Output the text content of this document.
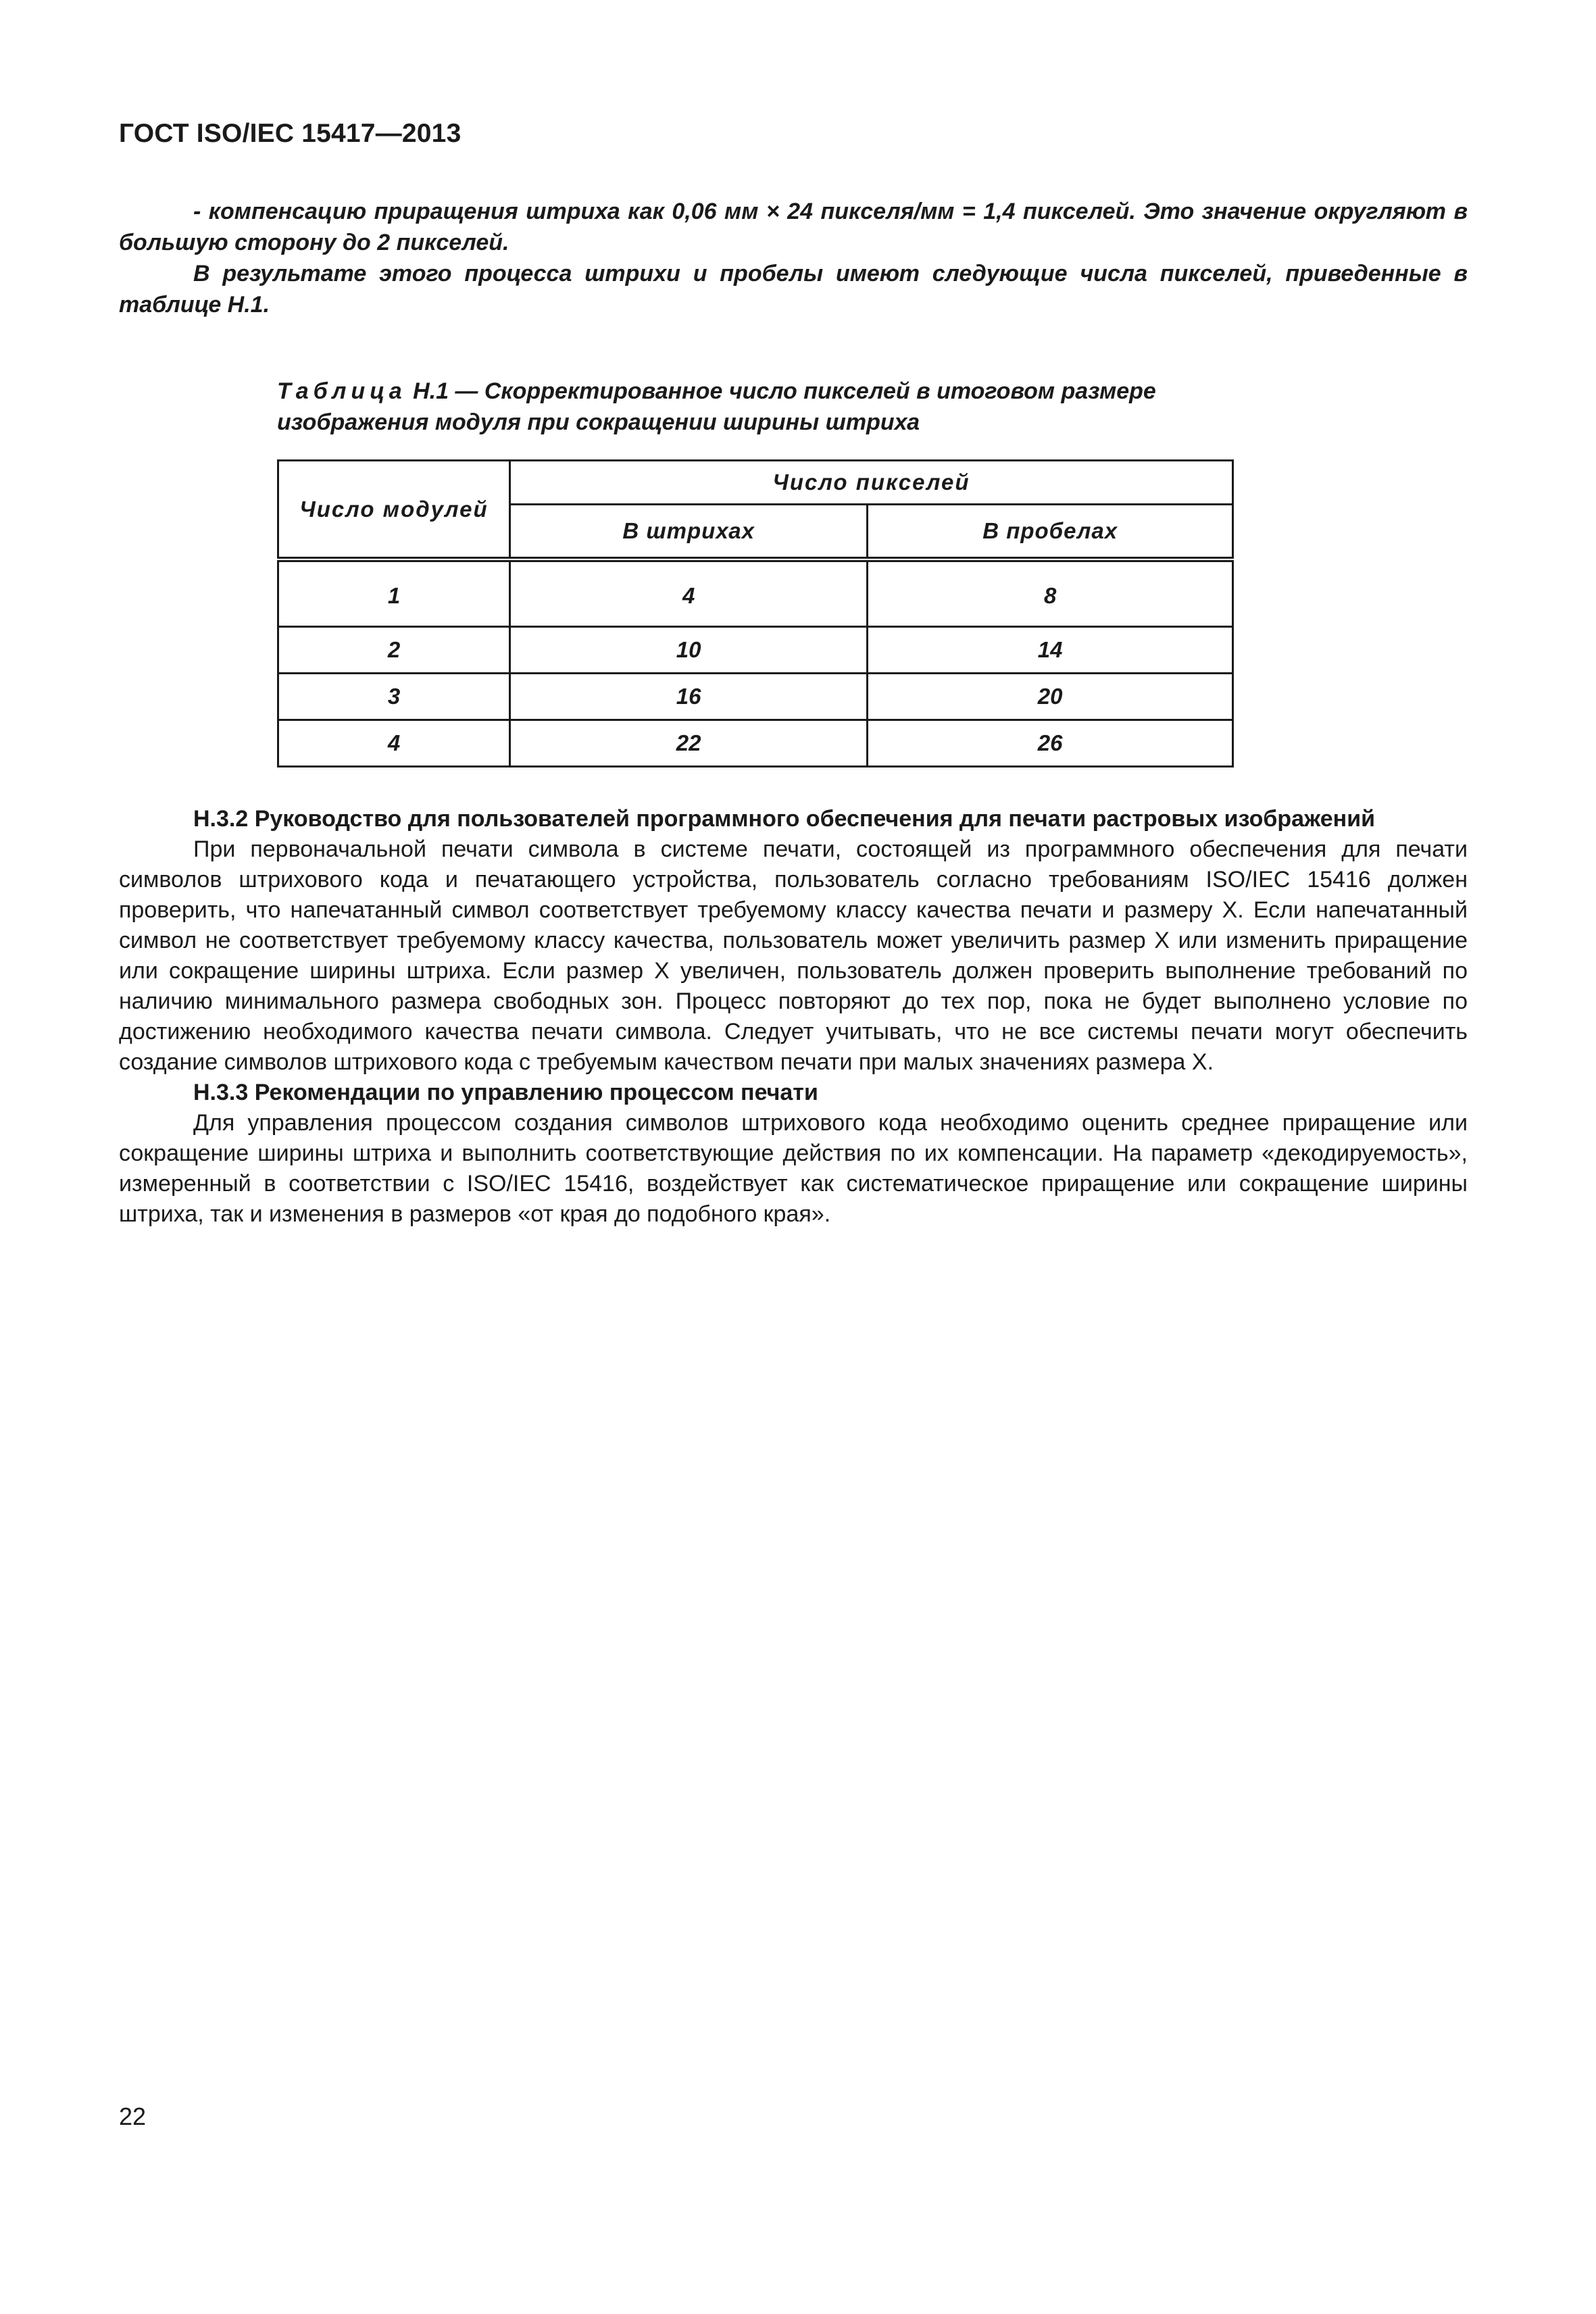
ГОСТ ISO/IEC 15417—2013

- компенсацию приращения штриха как 0,06 мм × 24 пикселя/мм = 1,4 пикселей. Это значение округляют в большую сторону до 2 пикселей.

В результате этого процесса штрихи и пробелы имеют следующие числа пикселей, приведенные в таблице Н.1.

Таблица Н.1 — Скорректированное число пикселей в итоговом размере изображения модуля при сокращении ширины штриха
Число модулей	Число пикселей	
	В штрихах	В пробелах
1	4	8
2	10	14
3	16	20
4	22	26

Н.3.2 Руководство для пользователей программного обеспечения для печати растровых изображений

При первоначальной печати символа в системе печати, состоящей из программного обеспечения для печати символов штрихового кода и печатающего устройства, пользователь согласно требованиям ISO/IEC 15416 должен проверить, что напечатанный символ соответствует требуемому классу качества печати и размеру X. Если напечатанный символ не соответствует требуемому классу качества, пользователь может увеличить размер X или изменить приращение или сокращение ширины штриха. Если размер X увеличен, пользователь должен проверить выполнение требований по наличию минимального размера свободных зон. Процесс повторяют до тех пор, пока не будет выполнено условие по достижению необходимого качества печати символа. Следует учитывать, что не все системы печати могут обеспечить создание символов штрихового кода с требуемым качеством печати при малых значениях размера X.

Н.3.3 Рекомендации по управлению процессом печати

Для управления процессом создания символов штрихового кода необходимо оценить среднее приращение или сокращение ширины штриха и выполнить соответствующие действия по их компенсации. На параметр «декодируемость», измеренный в соответствии с ISO/IEC 15416, воздействует как систематическое приращение или сокращение ширины штриха, так и изменения в размеров «от края до подобного края».

22
